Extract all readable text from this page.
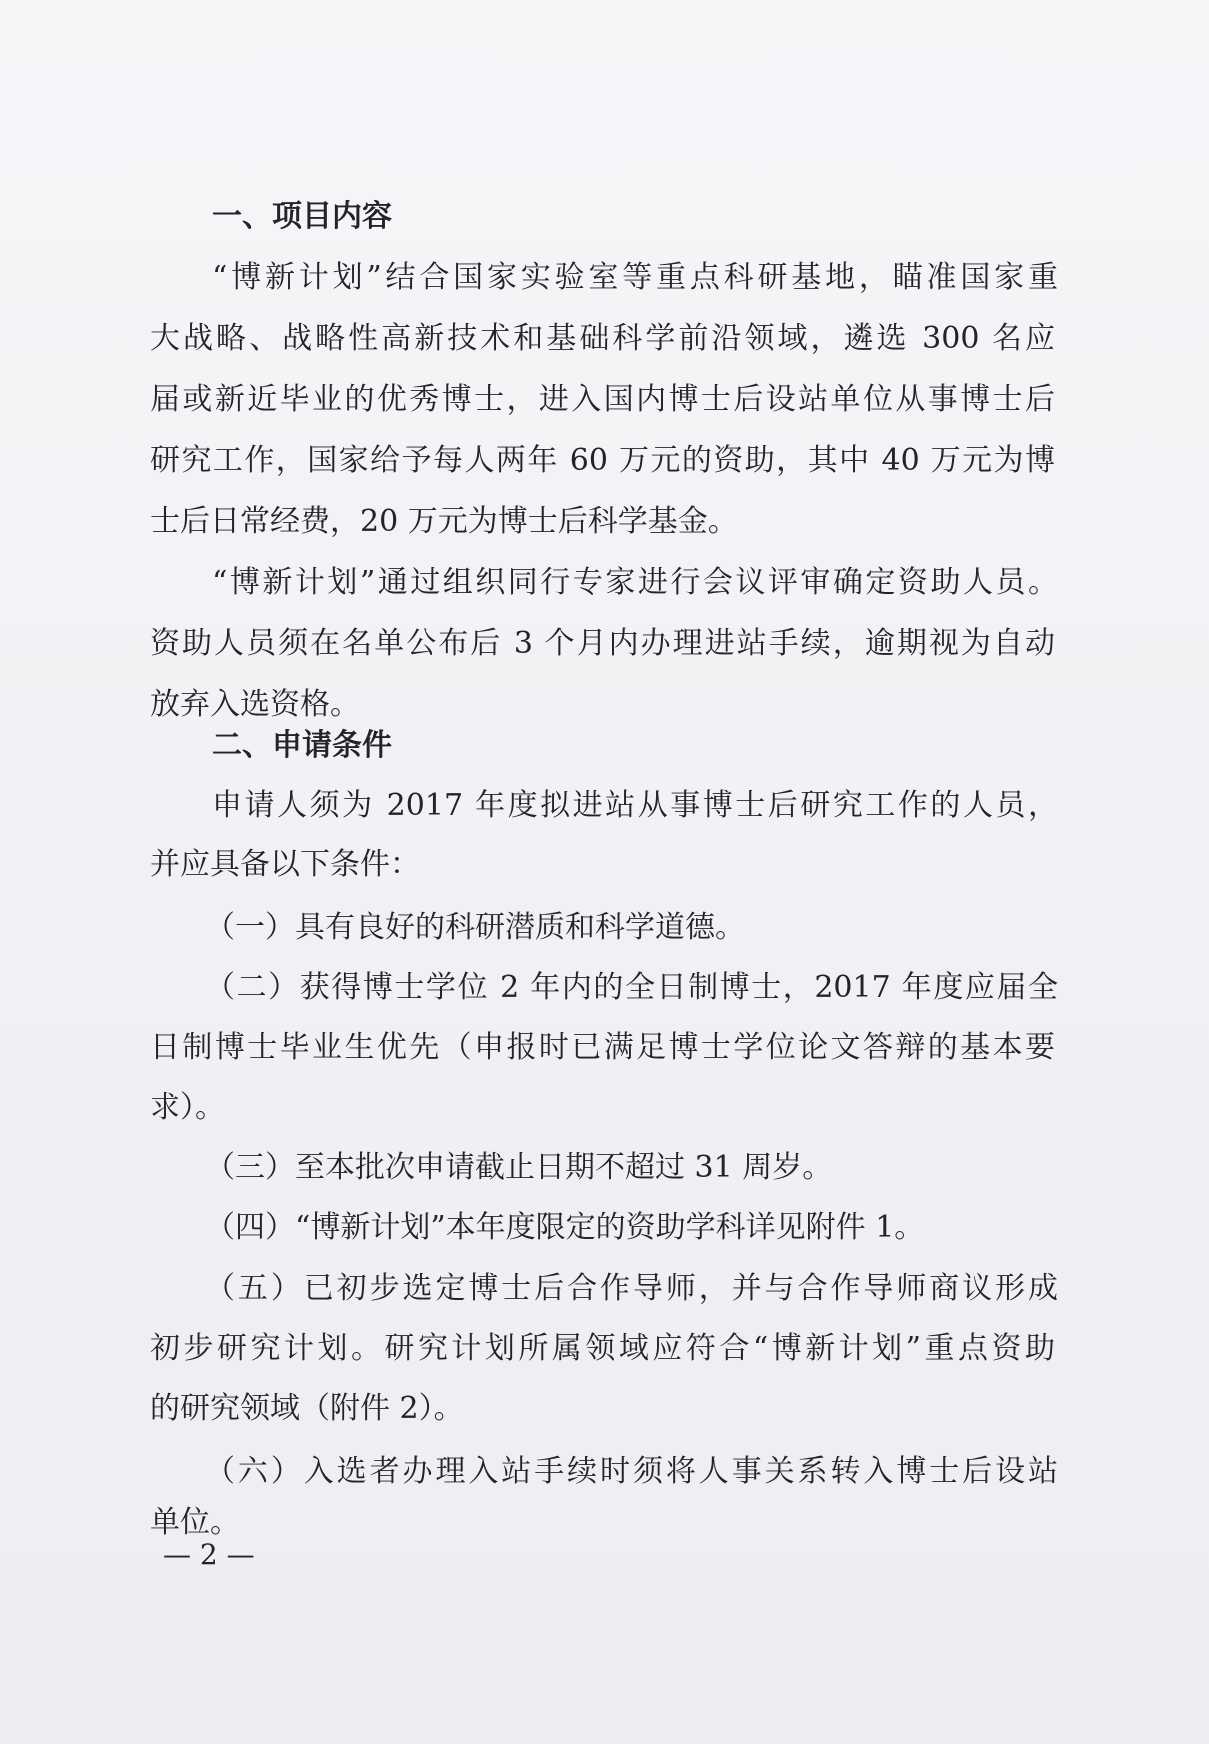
一、项目内容
“博新计划”结合国家实验室等重点科研基地，瞄准国家重
大战略、战略性高新技术和基础科学前沿领域，遴选 300 名应
届或新近毕业的优秀博士，进入国内博士后设站单位从事博士后
研究工作，国家给予每人两年 60 万元的资助，其中 40 万元为博
士后日常经费，20 万元为博士后科学基金。
“博新计划”通过组织同行专家进行会议评审确定资助人员。
资助人员须在名单公布后 3 个月内办理进站手续，逾期视为自动
放弃入选资格。
二、申请条件
申请人须为 2017 年度拟进站从事博士后研究工作的人员，
并应具备以下条件：
（一）具有良好的科研潜质和科学道德。
（二）获得博士学位 2 年内的全日制博士，2017 年度应届全
日制博士毕业生优先（申报时已满足博士学位论文答辩的基本要
求）。
（三）至本批次申请截止日期不超过 31 周岁。
（四）“博新计划”本年度限定的资助学科详见附件 1。
（五）已初步选定博士后合作导师，并与合作导师商议形成
初步研究计划。研究计划所属领域应符合“博新计划”重点资助
的研究领域（附件 2）。
（六）入选者办理入站手续时须将人事关系转入博士后设站
单位。
— 2 —
